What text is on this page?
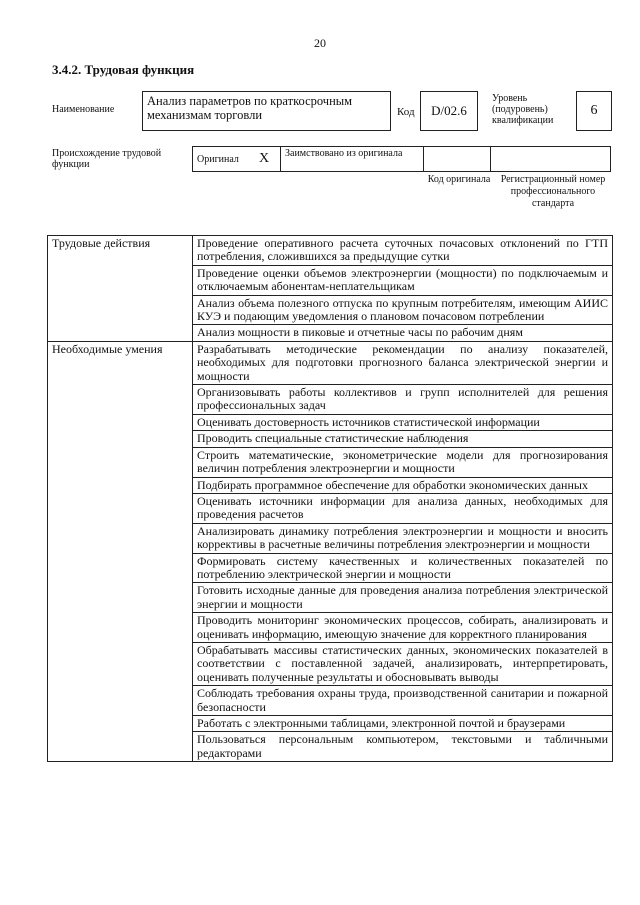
20
3.4.2. Трудовая функция
Наименование
Анализ параметров по краткосрочным механизмам торговли	Код	D/02.6
Уровень (подуровень) квалификации
6
Происхождение трудовой функции	Оригинал X Заимствовано из оригинала
Код оригинала	Регистрационный номер профессионального стандарта
Трудовые действия	Проведение оперативного расчета суточных почасовых отклонений по ГТП потребления, сложившихся за предыдущие сутки
	Проведение оценки объемов электроэнергии (мощности) по подключаемым и отключаемым абонентам-неплательщикам
	Анализ объема полезного отпуска по крупным потребителям, имеющим АИИС КУЭ и подающим уведомления о плановом почасовом потреблении
	Анализ мощности в пиковые и отчетные часы по рабочим дням
Необходимые умения	Разрабатывать методические рекомендации по анализу показателей, необходимых для подготовки прогнозного баланса электрической энергии и мощности
	Организовывать работы коллективов и групп исполнителей для решения профессиональных задач
	Оценивать достоверность источников статистической информации
	Проводить специальные статистические наблюдения
	Строить математические, эконометрические модели для прогнозирования величин потребления электроэнергии и мощности
	Подбирать программное обеспечение для обработки экономических данных
	Оценивать источники информации для анализа данных, необходимых для проведения расчетов
	Анализировать динамику потребления электроэнергии и мощности и вносить коррективы в расчетные величины потребления электроэнергии и мощности
	Формировать систему качественных и количественных показателей по потреблению электрической энергии и мощности
	Готовить исходные данные для проведения анализа потребления электрической энергии и мощности
	Проводить мониторинг экономических процессов, собирать, анализировать и оценивать информацию, имеющую значение для корректного планирования
	Обрабатывать массивы статистических данных, экономических показателей в соответствии с поставленной задачей, анализировать, интерпретировать, оценивать полученные результаты и обосновывать выводы
	Соблюдать требования охраны труда, производственной санитарии и пожарной безопасности
	Работать с электронными таблицами, электронной почтой и браузерами
	Пользоваться персональным компьютером, текстовыми и табличными редакторами
